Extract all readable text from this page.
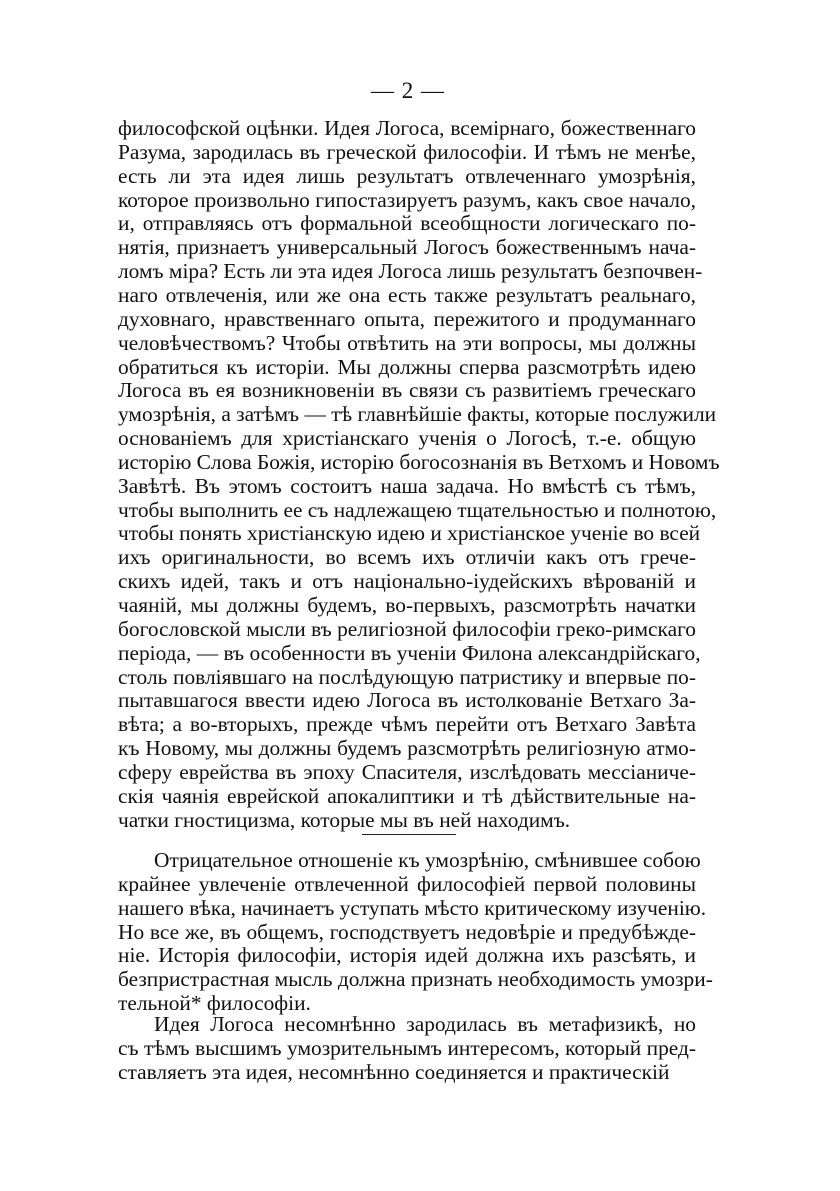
— 2 —
философской оцѣнки. Идея Логоса, всемірнаго, божественнаго
Разума, зародилась въ греческой философіи. И тѣмъ не менѣе,
есть ли эта идея лишь результатъ отвлеченнаго умозрѣнія,
которое произвольно гипостазируетъ разумъ, какъ свое начало,
и, отправляясь отъ формальной всеобщности логическаго по-
нятія, признаетъ универсальный Логосъ божественнымъ нача-
ломъ міра? Есть ли эта идея Логоса лишь результатъ безпочвен-
наго отвлеченія, или же она есть также результатъ реальнаго,
духовнаго, нравственнаго опыта, пережитого и продуманнаго
человѣчествомъ? Чтобы отвѣтить на эти вопросы, мы должны
обратиться къ исторіи. Мы должны сперва разсмотрѣть идею
Логоса въ ея возникновеніи въ связи съ развитіемъ греческаго
умозрѣнія, а затѣмъ — тѣ главнѣйшіе факты, которые послужили
основаніемъ для христіанскаго ученія о Логосѣ, т.-е. общую
исторію Слова Божія, исторію богосознанія въ Ветхомъ и Новомъ
Завѣтѣ. Въ этомъ состоитъ наша задача. Но вмѣстѣ съ тѣмъ,
чтобы выполнить ее съ надлежащею тщательностью и полнотою,
чтобы понять христіанскую идею и христіанское ученіе во всей
ихъ оригинальности, во всемъ ихъ отличіи какъ отъ грече-
скихъ идей, такъ и отъ національно-іудейскихъ вѣрованій и
чаяній, мы должны будемъ, во-первыхъ, разсмотрѣть начатки
богословской мысли въ религіозной философіи греко-римскаго
періода, — въ особенности въ ученіи Филона александрійскаго,
столь повліявшаго на послѣдующую патристику и впервые по-
пытавшагося ввести идею Логоса въ истолкованіе Ветхаго За-
вѣта; а во-вторыхъ, прежде чѣмъ перейти отъ Ветхаго Завѣта
къ Новому, мы должны будемъ разсмотрѣть религіозную атмо-
сферу еврейства въ эпоху Спасителя, изслѣдовать мессіаниче-
скія чаянія еврейской апокалиптики и тѣ дѣйствительные на-
чатки гностицизма, которые мы въ ней находимъ.
Отрицательное отношеніе къ умозрѣнію, смѣнившее собою
крайнее увлеченіе отвлеченной философіей первой половины
нашего вѣка, начинаетъ уступать мѣсто критическому изученію.
Но все же, въ общемъ, господствуетъ недовѣріе и предубѣжде-
ніе. Исторія философіи, исторія идей должна ихъ разсѣять, и
безпристрастная мысль должна признать необходимость умозри-
тельной* философіи.
Идея Логоса несомнѣнно зародилась въ метафизикѣ, но
съ тѣмъ высшимъ умозрительнымъ интересомъ, который пред-
ставляетъ эта идея, несомнѣнно соединяется и практическій
